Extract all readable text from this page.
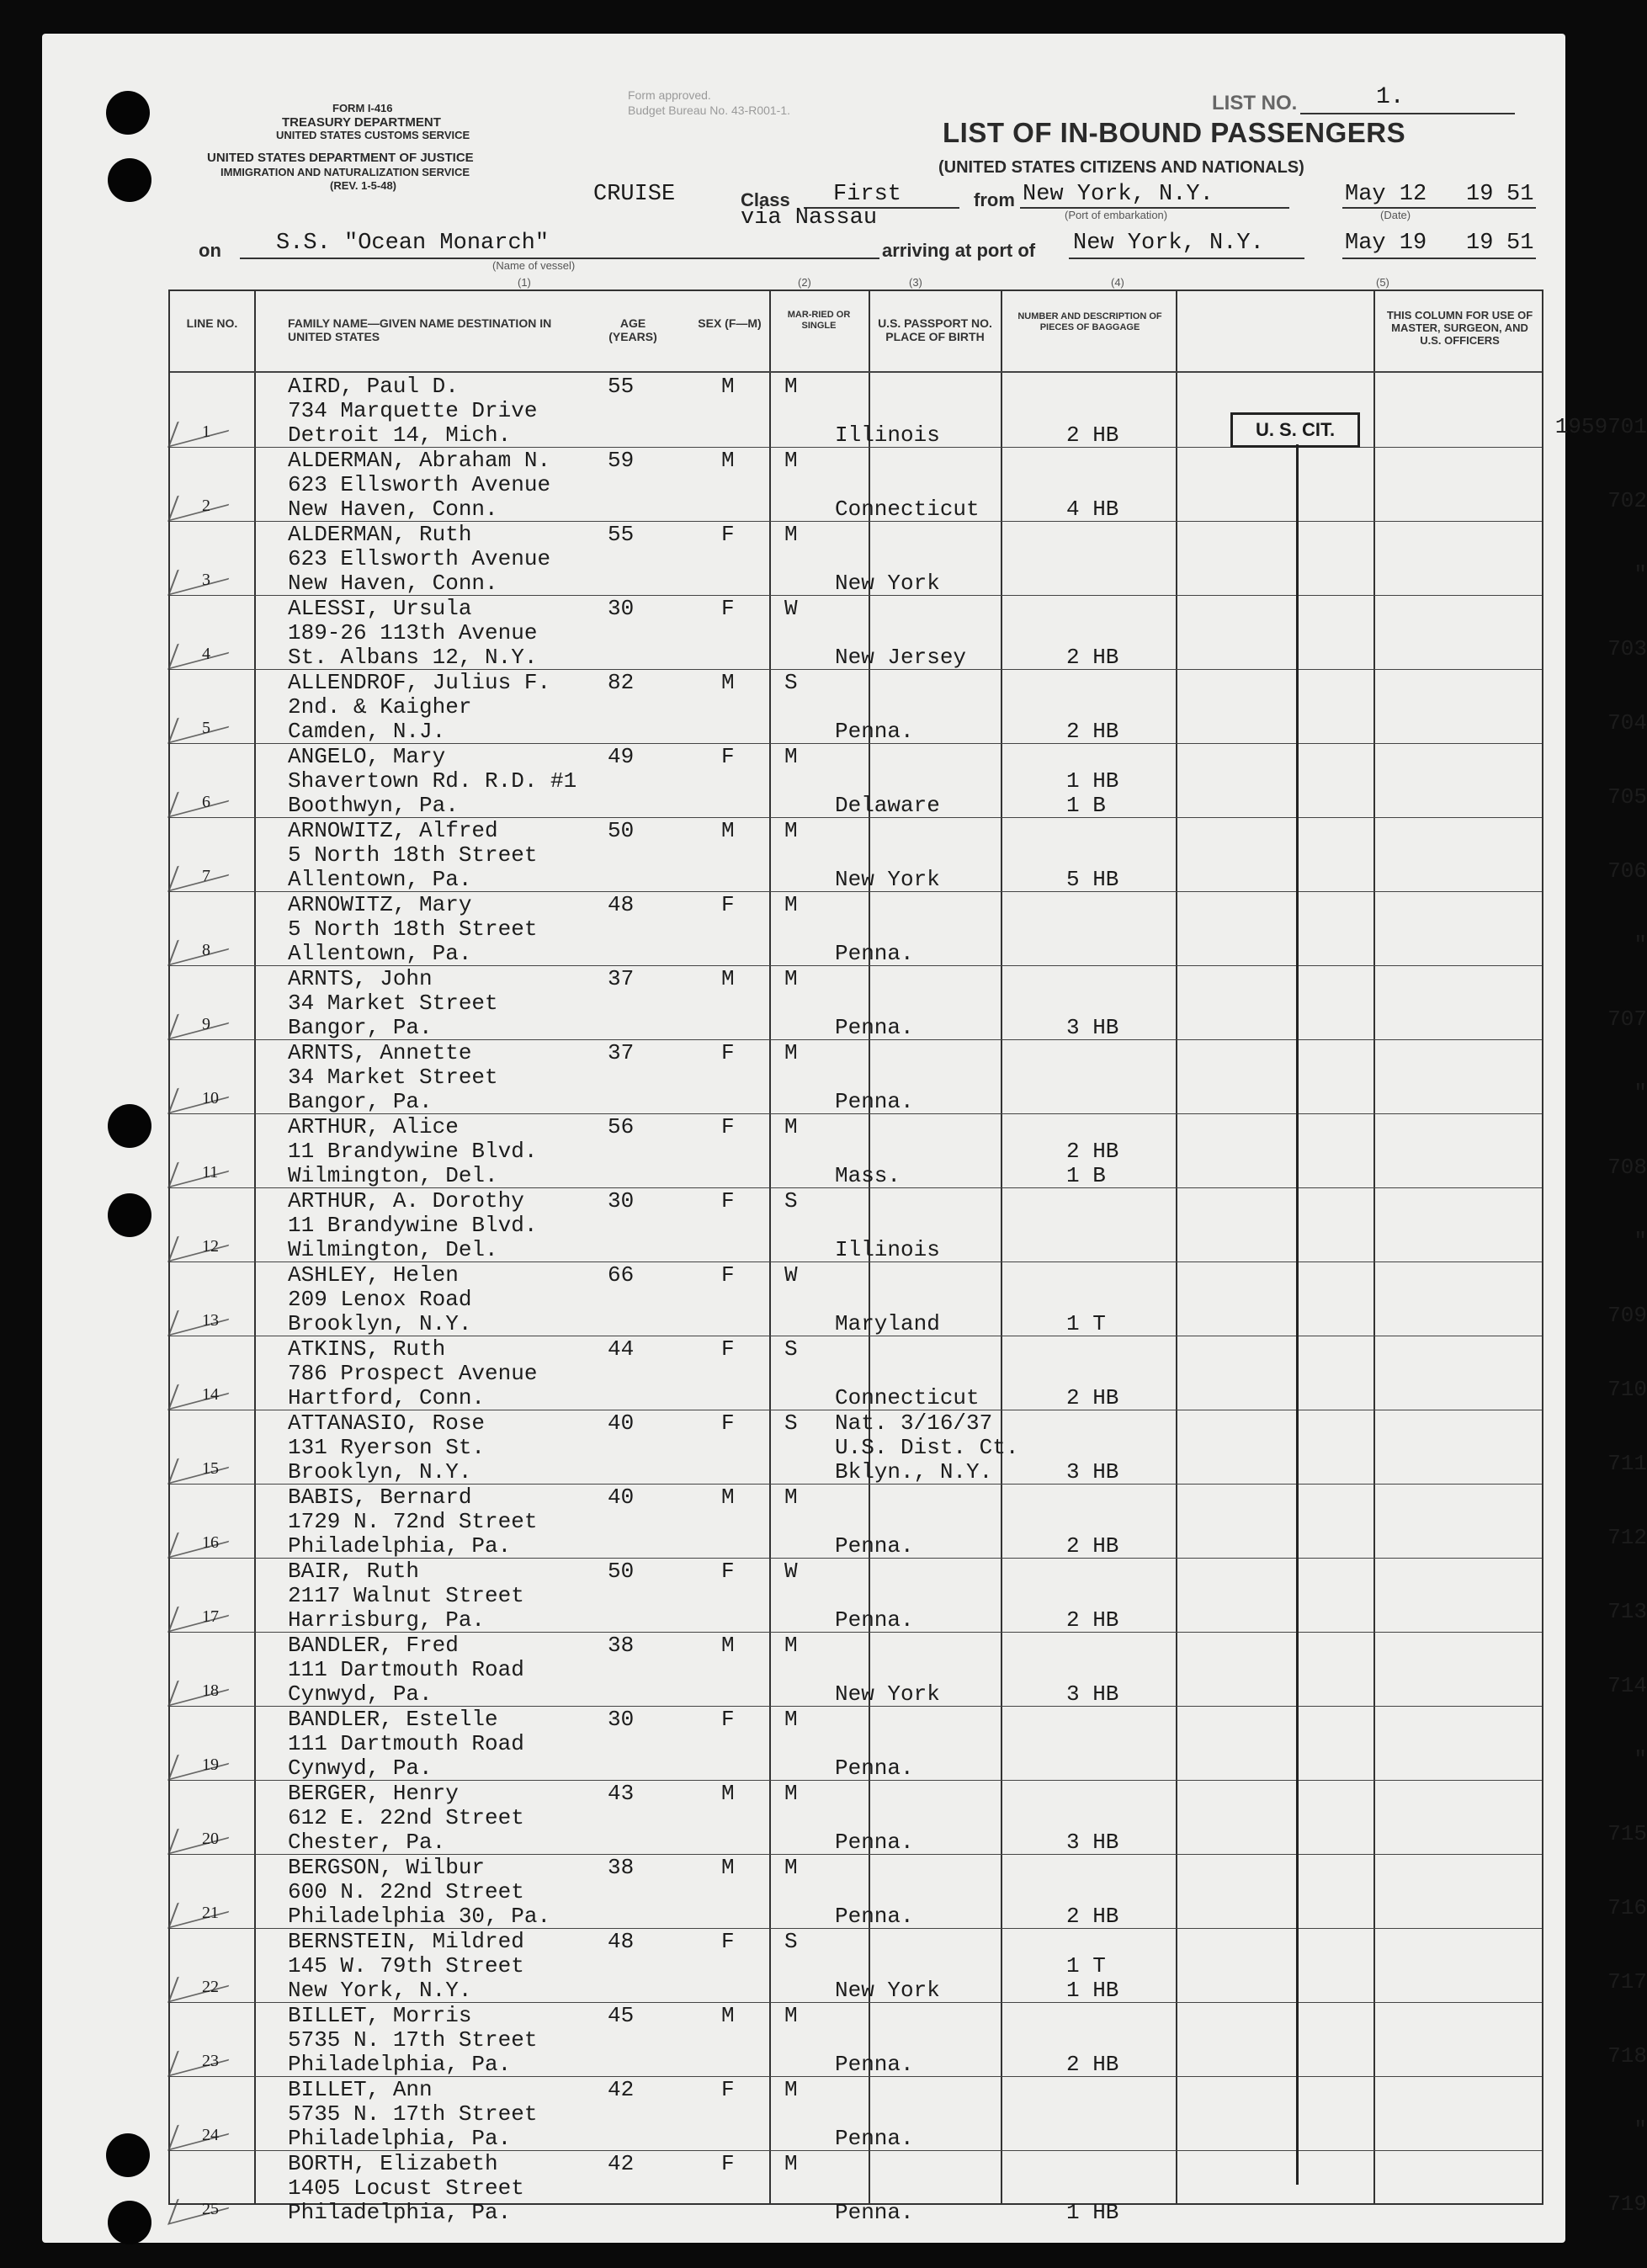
FORM I-416
TREASURY DEPARTMENT
UNITED STATES CUSTOMS SERVICE
UNITED STATES DEPARTMENT OF JUSTICE
IMMIGRATION AND NATURALIZATION SERVICE
(REV. 1-5-48)
Form approved.
Budget Bureau No. 43-R001-1.	LIST NO.	1.
LIST OF IN-BOUND PASSENGERS
(UNITED STATES CITIZENS AND NATIONALS)
CRUISE	Class First
via Nassau
from New York, N.Y.
(Port of embarkation)
May 12 19 51
(Date)
on S.S. "Ocean Monarch"
(Name of vessel)
(1)
arriving at port of New York, N.Y.	May 19 19 51
(2)	(3)	(4)	(5)
LINE NO.	FAMILY NAME—GIVEN NAME DESTINATION IN UNITED STATES
AGE (YEARS)
SEX (F—M)
MAR-RIED OR SINGLE	U.S. PASSPORT NO. PLACE OF BIRTH
NUMBER AND DESCRIPTION OF PIECES OF BAGGAGE
THIS COLUMN FOR USE OF MASTER, SURGEON, AND U.S. OFFICERS
1
AIRD, Paul D.
734 Marquette Drive
Detroit 14, Mich.
55	M M
Illinois	2 HB	1959701
2
ALDERMAN, Abraham N.
623 Ellsworth Avenue
New Haven, Conn.
59	M M
Connecticut	4 HB	702
3
ALDERMAN, Ruth
623 Ellsworth Avenue
New Haven, Conn.
55	F M
New York	"
4
ALESSI, Ursula
189-26 113th Avenue
St. Albans 12, N.Y.
30	F W
New Jersey	2 HB	703
5
ALLENDROF, Julius F.
2nd. & Kaigher
Camden, N.J.
82	M S
Penna.	2 HB	704
6
ANGELO, Mary
Shavertown Rd. R.D. #1
Boothwyn, Pa.
49	F M
Delaware
1 HB
1 B	705
7
ARNOWITZ, Alfred
5 North 18th Street
Allentown, Pa.
50	M M
New York	5 HB	706
8
ARNOWITZ, Mary
5 North 18th Street
Allentown, Pa.
48	F M
Penna.	"
9
ARNTS, John
34 Market Street
Bangor, Pa.
37	M M
Penna.	3 HB	707
10
ARNTS, Annette
34 Market Street
Bangor, Pa.
37	F M
Penna.	"
11
ARTHUR, Alice
11 Brandywine Blvd.
Wilmington, Del.
56	F M
Mass.
2 HB
1 B	708
12
ARTHUR, A. Dorothy
11 Brandywine Blvd.
Wilmington, Del.
30	F S
Illinois	"
13
ASHLEY, Helen
209 Lenox Road
Brooklyn, N.Y.
66	F W
Maryland	1 T	709
14
ATKINS, Ruth
786 Prospect Avenue
Hartford, Conn.
44	F S
Connecticut	2 HB	710
15
ATTANASIO, Rose
131 Ryerson St.
Brooklyn, N.Y.
40	F S Nat. 3/16/37
U.S. Dist. Ct.
Bklyn., N.Y.	3 HB	711
16
BABIS, Bernard
1729 N. 72nd Street
Philadelphia, Pa.
40	M M
Penna.	2 HB	712
17
BAIR, Ruth
2117 Walnut Street
Harrisburg, Pa.
50	F W
Penna.	2 HB	713
18
BANDLER, Fred
111 Dartmouth Road
Cynwyd, Pa.
38	M M
New York	3 HB	714
19
BANDLER, Estelle
111 Dartmouth Road
Cynwyd, Pa.
30	F M
Penna.	"
20
BERGER, Henry
612 E. 22nd Street
Chester, Pa.
43	M M
Penna.	3 HB	715
21
BERGSON, Wilbur
600 N. 22nd Street
Philadelphia 30, Pa.
38	M M
Penna.	2 HB	716
22
BERNSTEIN, Mildred
145 W. 79th Street
New York, N.Y.
48	F S
New York
1 T
1 HB	717
23
BILLET, Morris
5735 N. 17th Street
Philadelphia, Pa.
45	M M
Penna.	2 HB	718
24
BILLET, Ann
5735 N. 17th Street
Philadelphia, Pa.
42	F M
Penna.	"
25
BORTH, Elizabeth
1405 Locust Street
Philadelphia, Pa.
42	F M
Penna.	1 HB	719
U. S. CIT.
